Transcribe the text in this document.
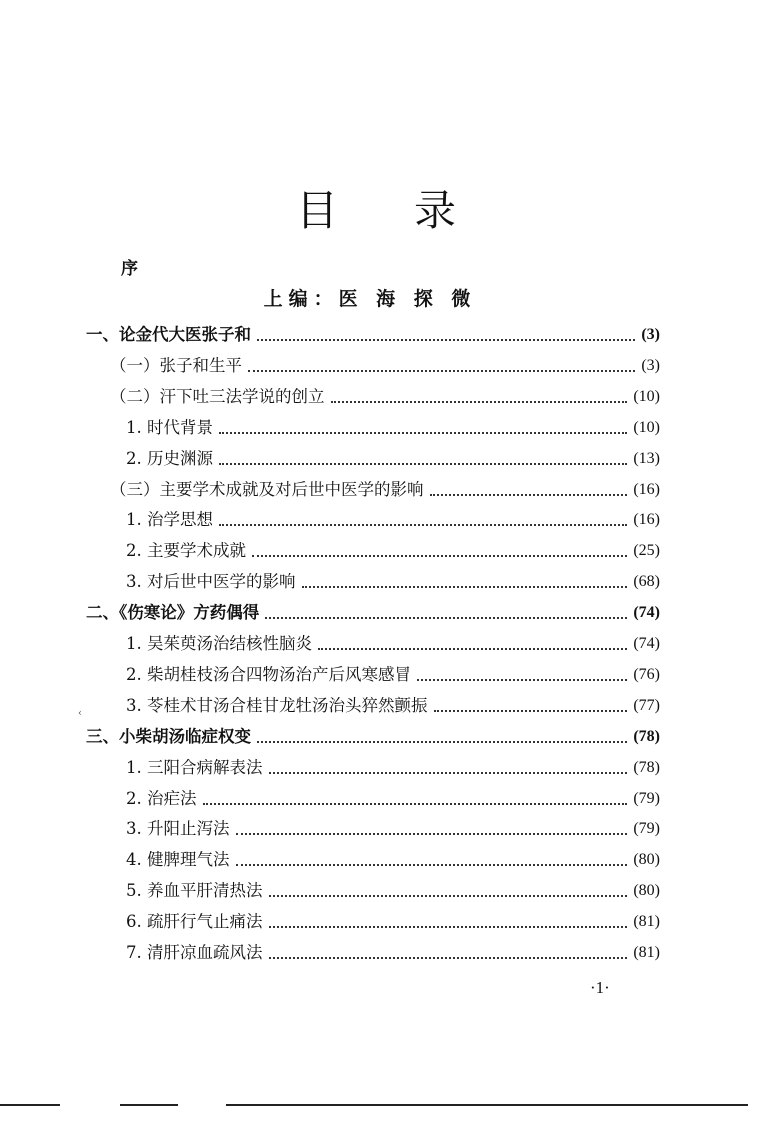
目 录
序
上编：医 海 探 微
一、论金代大医张子和	(3)
（一）张子和生平	(3)
（二）汗下吐三法学说的创立	(10)
1. 时代背景	(10)
2. 历史渊源	(13)
（三）主要学术成就及对后世中医学的影响	(16)
1. 治学思想	(16)
2. 主要学术成就	(25)
3. 对后世中医学的影响	(68)
二、《伤寒论》方药偶得	(74)
1. 吴茱萸汤治结核性脑炎	(74)
2. 柴胡桂枝汤合四物汤治产后风寒感冒	(76)
3. 苓桂术甘汤合桂甘龙牡汤治头猝然颤振	(77)
三、小柴胡汤临症权变	(78)
1. 三阳合病解表法	(78)
2. 治疟法	(79)
3. 升阳止泻法	(79)
4. 健脾理气法	(80)
5. 养血平肝清热法	(80)
6. 疏肝行气止痛法	(81)
7. 清肝凉血疏风法	(81)
‹
·1·
